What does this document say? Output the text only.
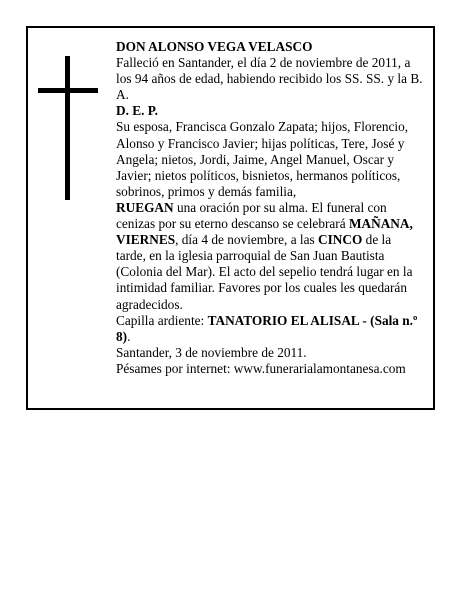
DON ALONSO VEGA VELASCO

Falleció en Santander, el día 2 de noviembre de 2011, a los 94 años de edad, habiendo recibido los SS. SS. y la B. A.

D. E. P.

Su esposa, Francisca Gonzalo Zapata; hijos, Florencio, Alonso y Francisco Javier; hijas políticas, Tere, José y Angela; nietos, Jordi, Jaime, Angel Manuel, Oscar y Javier; nietos políticos, bisnietos, hermanos políticos, sobrinos, primos y demás familia,

RUEGAN una oración por su alma. El funeral con cenizas por su eterno descanso se celebrará MAÑANA, VIERNES, día 4 de noviembre, a las CINCO de la tarde, en la iglesia parroquial de San Juan Bautista (Colonia del Mar). El acto del sepelio tendrá lugar en la intimidad familiar. Favores por los cuales les quedarán agradecidos.

Capilla ardiente: TANATORIO EL ALISAL - (Sala n.º 8).

Santander, 3 de noviembre de 2011.

Pésames por internet: www.funerarialamontanesa.com
